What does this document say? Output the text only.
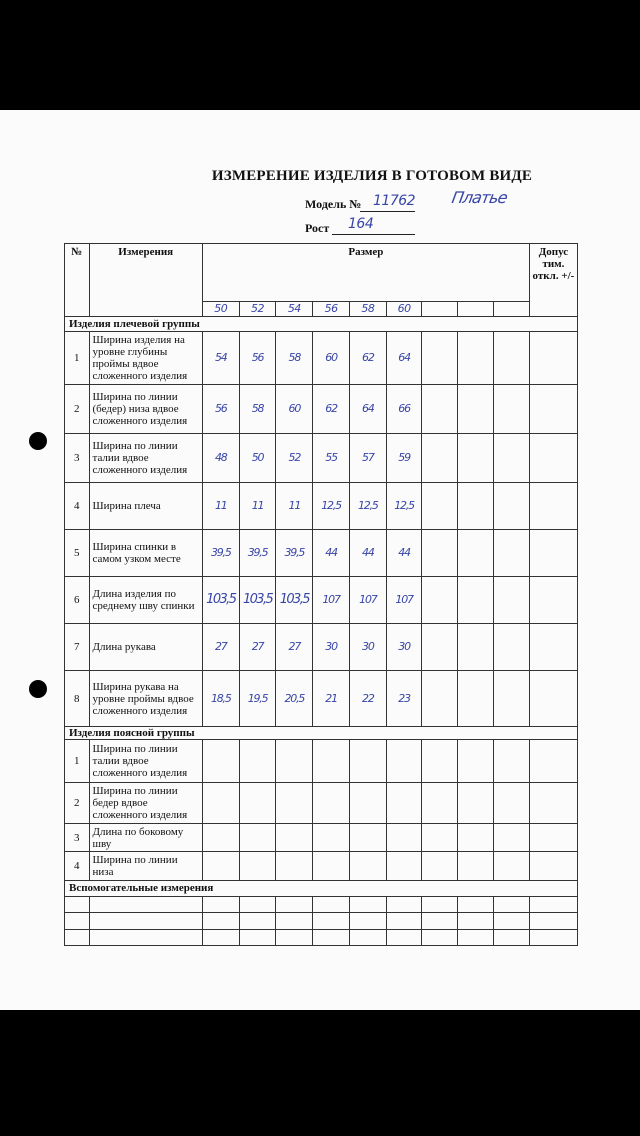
ИЗМЕРЕНИЕ ИЗДЕЛИЯ В ГОТОВОМ ВИДЕ
Модель № 11762 Платье
Рост 164
№	Измерения	Размер									Допус тим. откл. +/-
		50	52	54	56	58	60				
Изделия плечевой группы											
1	Ширина изделия на уровне глубины проймы вдвое сложенного изделия	54	56	58	60	62	64				
2	Ширина по линии (бедер) низа вдвое сложенного изделия	56	58	60	62	64	66				
3	Ширина по линии талии вдвое сложенного изделия	48	50	52	55	57	59				
4	Ширина плеча	11	11	11	12,5	12,5	12,5				
5	Ширина спинки в самом узком месте	39,5	39,5	39,5	44	44	44				
6	Длина изделия по среднему шву спинки	103,5	103,5	103,5	107	107	107				
7	Длина рукава	27	27	27	30	30	30				
8	Ширина рукава на уровне проймы вдвое сложенного изделия	18,5	19,5	20,5	21	22	23				
Изделия поясной группы											
1	Ширина по линии талии вдвое сложенного изделия										
2	Ширина по линии бедер вдвое сложенного изделия										
3	Длина по боковому шву										
4	Ширина по линии низа										
Вспомогательные измерения											
